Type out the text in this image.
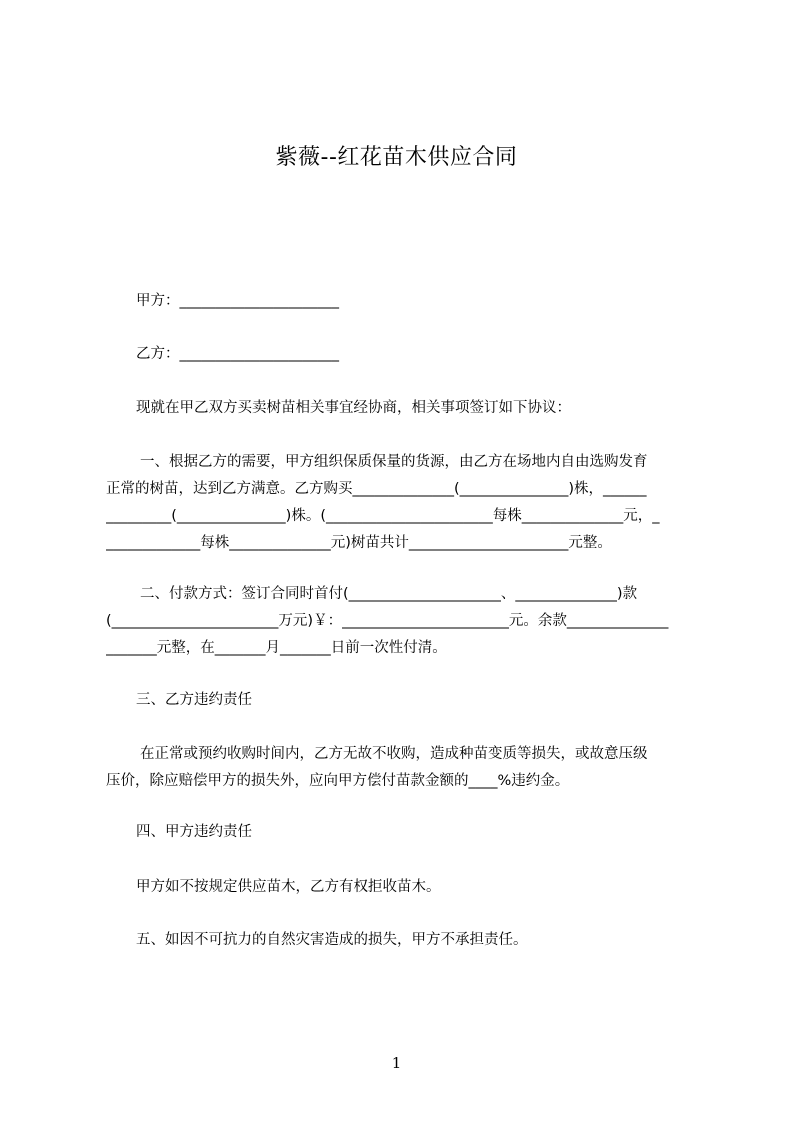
紫薇--红花苗木供应合同
甲方：______________________
乙方：______________________
现就在甲乙双方买卖树苗相关事宜经协商，相关事项签订如下协议：
一、根据乙方的需要，甲方组织保质保量的货源，由乙方在场地内自由选购发育
正常的树苗，达到乙方满意。乙方购买______________(_______________)株，______
_________(_______________)株。(_______________________每株______________元，_
_____________每株______________元)树苗共计______________________元整。
二、付款方式：签订合同时首付(_____________________、______________)款
(_______________________万元)￥：_______________________元。余款______________
_______元整，在_______月_______日前一次性付清。
三、乙方违约责任
在正常或预约收购时间内，乙方无故不收购，造成种苗变质等损失，或故意压级
压价，除应赔偿甲方的损失外，应向甲方偿付苗款金额的____%违约金。
四、甲方违约责任
甲方如不按规定供应苗木，乙方有权拒收苗木。
五、如因不可抗力的自然灾害造成的损失，甲方不承担责任。
1
